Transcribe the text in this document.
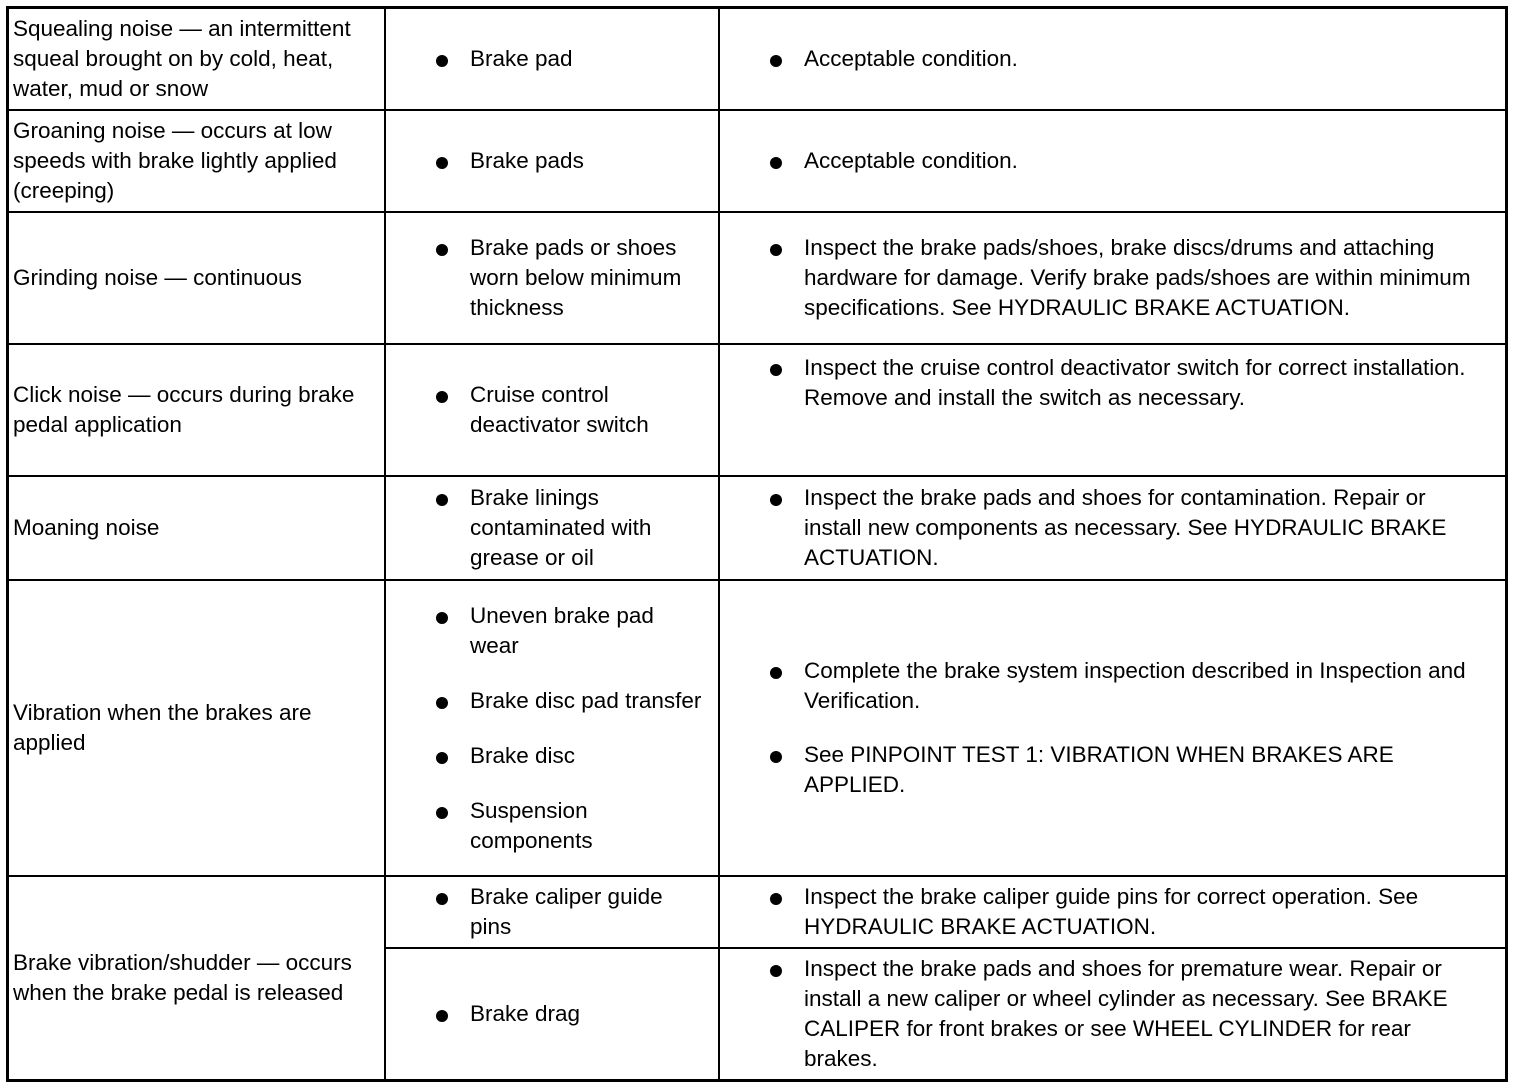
Squealing noise — an intermittent squeal brought on by cold, heat, water, mud or snow
Brake pad	Acceptable condition.
Groaning noise — occurs at low speeds with brake lightly applied (creeping)
Brake pads	Acceptable condition.
Grinding noise — continuous
Brake pads or shoes worn below minimum thickness
Inspect the brake pads/shoes, brake discs/drums and attaching hardware for damage. Verify brake pads/shoes are within minimum specifications. See HYDRAULIC BRAKE ACTUATION.
Click noise — occurs during brake pedal application
Cruise control deactivator switch
Inspect the cruise control deactivator switch for correct installation. Remove and install the switch as necessary.
Moaning noise
Brake linings contaminated with grease or oil
Inspect the brake pads and shoes for contamination. Repair or install new components as necessary. See HYDRAULIC BRAKE ACTUATION.
Vibration when the brakes are applied
Uneven brake pad wear
Brake disc pad transfer
Brake disc
Suspension components
Complete the brake system inspection described in Inspection and Verification.
See PINPOINT TEST 1: VIBRATION WHEN BRAKES ARE APPLIED.
Brake vibration/shudder — occurs when the brake pedal is released
Brake caliper guide pins
Inspect the brake caliper guide pins for correct operation. See HYDRAULIC BRAKE ACTUATION.
Brake drag
Inspect the brake pads and shoes for premature wear. Repair or install a new caliper or wheel cylinder as necessary. See BRAKE CALIPER for front brakes or see WHEEL CYLINDER for rear brakes.
